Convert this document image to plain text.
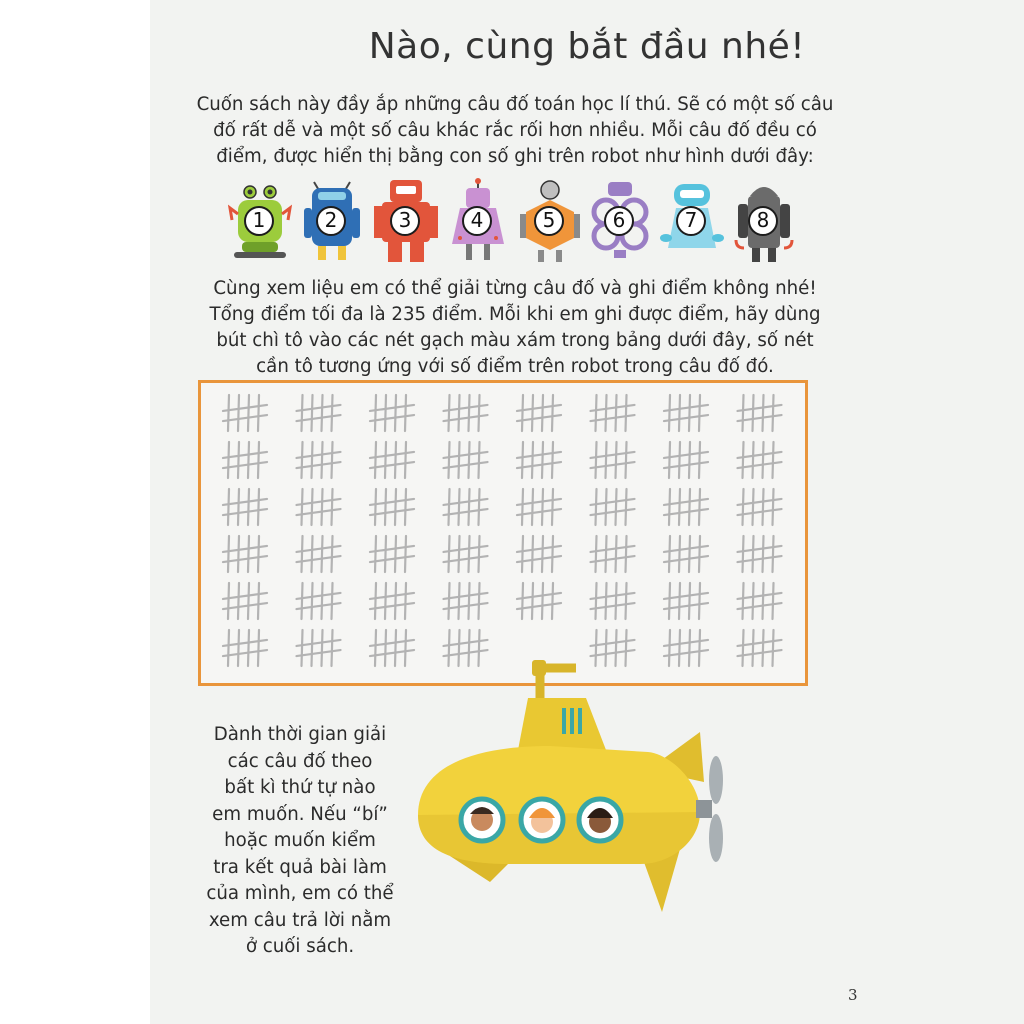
Nào, cùng bắt đầu nhé!
Cuốn sách này đầy ắp những câu đố toán học lí thú. Sẽ có một số câu
đố rất dễ và một số câu khác rắc rối hơn nhiều. Mỗi câu đố đều có
điểm, được hiển thị bằng con số ghi trên robot như hình dưới đây:
1	2	3	4	5	6	7	8
Cùng xem liệu em có thể giải từng câu đố và ghi điểm không nhé!
Tổng điểm tối đa là 235 điểm. Mỗi khi em ghi được điểm, hãy dùng
bút chì tô vào các nét gạch màu xám trong bảng dưới đây, số nét
cần tô tương ứng với số điểm trên robot trong câu đố đó.
Dành thời gian giải
các câu đố theo
bất kì thứ tự nào
em muốn. Nếu “bí”
hoặc muốn kiểm
tra kết quả bài làm
của mình, em có thể
xem câu trả lời nằm
ở cuối sách.
3
